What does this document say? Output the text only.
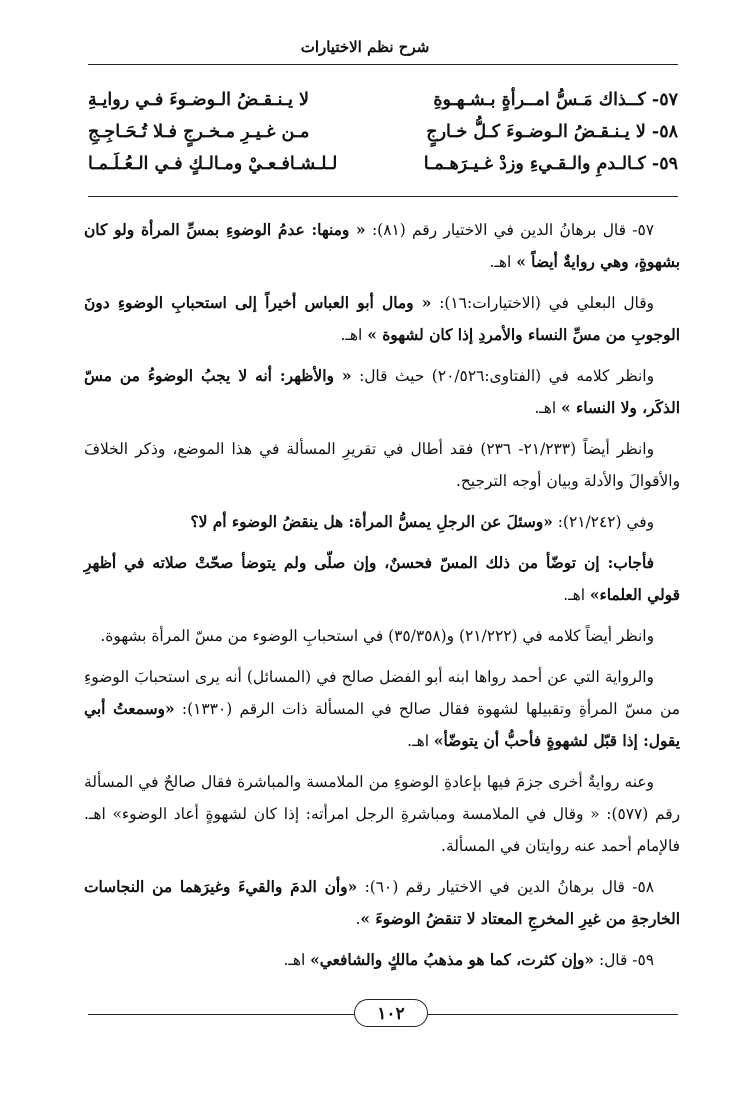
شرح نظم الاختيارات
٥٧- كــذاك مَـسُّ امــرأةٍ بـشـهـوةِ
لا يـنـقـضُ الـوضـوءَ فـي روايـةِ
٥٨- لا يـنـقـضُ الـوضـوءَ كـلُّ خـارجٍ
مـن غـيـرِ مـخـرجٍ فـلا تُـحَـاجِـجِ
٥٩- كـالـدمِ والـقـيءِ وزدْ غـيـرَهـمـا
لـلـشـافـعـيْ ومـالـكٍ فـي الـعُـلَـمـا

٥٧- قال برهانُ الدين في الاختيار رقم (٨١): « ومنها: عدمُ الوضوءِ بمسِّ المرأة ولو كان بشهوةٍ، وهي روايةٌ أيضاً » اهـ.

وقال البعلي في (الاختيارات:١٦): « ومال أبو العباس أخيراً إلى استحبابِ الوضوءِ دونَ الوجوبِ من مسِّ النساء والأمردِ إذا كان لشهوة » اهـ.

وانظر كلامه في (الفتاوى:٢٠/٥٢٦) حيث قال: « والأظهر: أنه لا يجبُ الوضوءُ من مسّ الذكَر، ولا النساء » اهـ.

وانظر أيضاً (٢١/٢٣٣- ٢٣٦) فقد أطال في تقريرِ المسألة في هذا الموضع، وذكر الخلافَ والأقوالَ والأدلة وبيان أوجه الترجيح.

وفي (٢١/٢٤٢): «وسئلَ عن الرجلِ يمسُّ المرأة: هل ينقضُ الوضوء أم لا؟

فأجاب: إن توضّأ من ذلك المسّ فحسنٌ، وإن صلّى ولم يتوضأ صحّتْ صلاته في أظهرِ قولي العلماء» اهـ.

وانظر أيضاً كلامه في (٢١/٢٢٢) و(٣٥/٣٥٨) في استحبابِ الوضوء من مسّ المرأة بشهوة.

والرواية التي عن أحمد رواها ابنه أبو الفضل صالح في (المسائل) أنه يرى استحبابَ الوضوءِ من مسّ المرأةِ وتقبيلها لشهوة فقال صالح في المسألة ذات الرقم (١٣٣٠): «وسمعتُ أبي يقول: إذا قبّل لشهوةٍ فأحبُّ أن يتوضّأ» اهـ.

وعنه روايةٌ أخرى جزمَ فيها بإعادةِ الوضوءِ من الملامسة والمباشرة فقال صالحٌ في المسألة رقم (٥٧٧): « وقال في الملامسة ومباشرةِ الرجل امرأته: إذا كان لشهوةٍ أعاد الوضوء» اهـ. فالإمام أحمد عنه روايتان في المسألة.

٥٨- قال برهانُ الدين في الاختيار رقم (٦٠): «وأن الدمَ والقيءَ وغيرَهما من النجاسات الخارجةِ من غيرِ المخرجِ المعتاد لا تنقضُ الوضوءَ ».

٥٩- قال: «وإن كثرت، كما هو مذهبُ مالكٍ والشافعي» اهـ.

١٠٢
